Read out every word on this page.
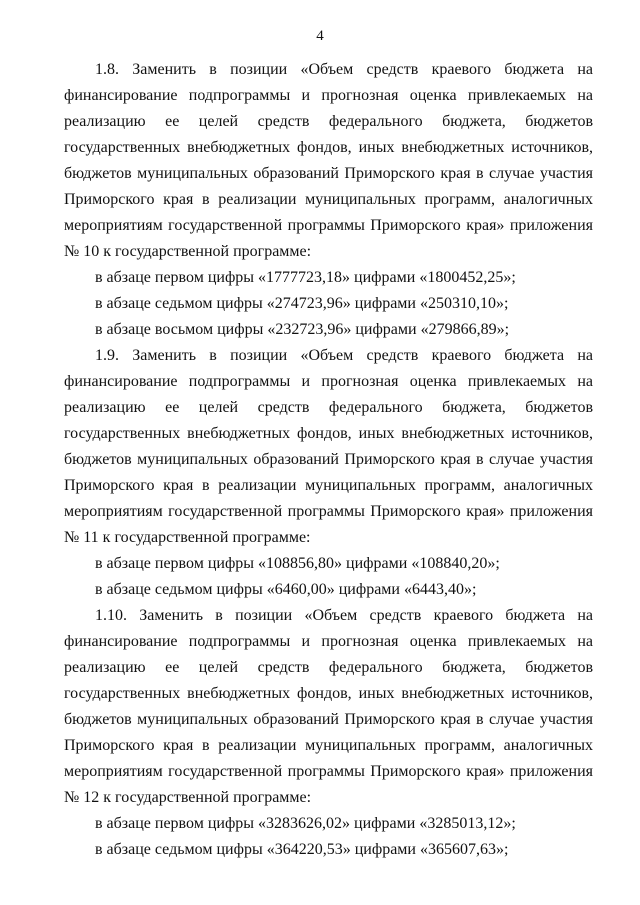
4
1.8. Заменить в позиции «Объем средств краевого бюджета на
финансирование подпрограммы и прогнозная оценка привлекаемых на
реализацию ее целей средств федерального бюджета, бюджетов
государственных внебюджетных фондов, иных внебюджетных источников,
бюджетов муниципальных образований Приморского края в случае участия
Приморского края в реализации муниципальных программ, аналогичных
мероприятиям государственной программы Приморского края» приложения
№ 10 к государственной программе:
в абзаце первом цифры «1777723,18» цифрами «1800452,25»;
в абзаце седьмом цифры «274723,96» цифрами «250310,10»;
в абзаце восьмом цифры «232723,96» цифрами «279866,89»;
1.9. Заменить в позиции «Объем средств краевого бюджета на
финансирование подпрограммы и прогнозная оценка привлекаемых на
реализацию ее целей средств федерального бюджета, бюджетов
государственных внебюджетных фондов, иных внебюджетных источников,
бюджетов муниципальных образований Приморского края в случае участия
Приморского края в реализации муниципальных программ, аналогичных
мероприятиям государственной программы Приморского края» приложения
№ 11 к государственной программе:
в абзаце первом цифры «108856,80» цифрами «108840,20»;
в абзаце седьмом цифры «6460,00» цифрами «6443,40»;
1.10. Заменить в позиции «Объем средств краевого бюджета на
финансирование подпрограммы и прогнозная оценка привлекаемых на
реализацию ее целей средств федерального бюджета, бюджетов
государственных внебюджетных фондов, иных внебюджетных источников,
бюджетов муниципальных образований Приморского края в случае участия
Приморского края в реализации муниципальных программ, аналогичных
мероприятиям государственной программы Приморского края» приложения
№ 12 к государственной программе:
в абзаце первом цифры «3283626,02» цифрами «3285013,12»;
в абзаце седьмом цифры «364220,53» цифрами «365607,63»;
